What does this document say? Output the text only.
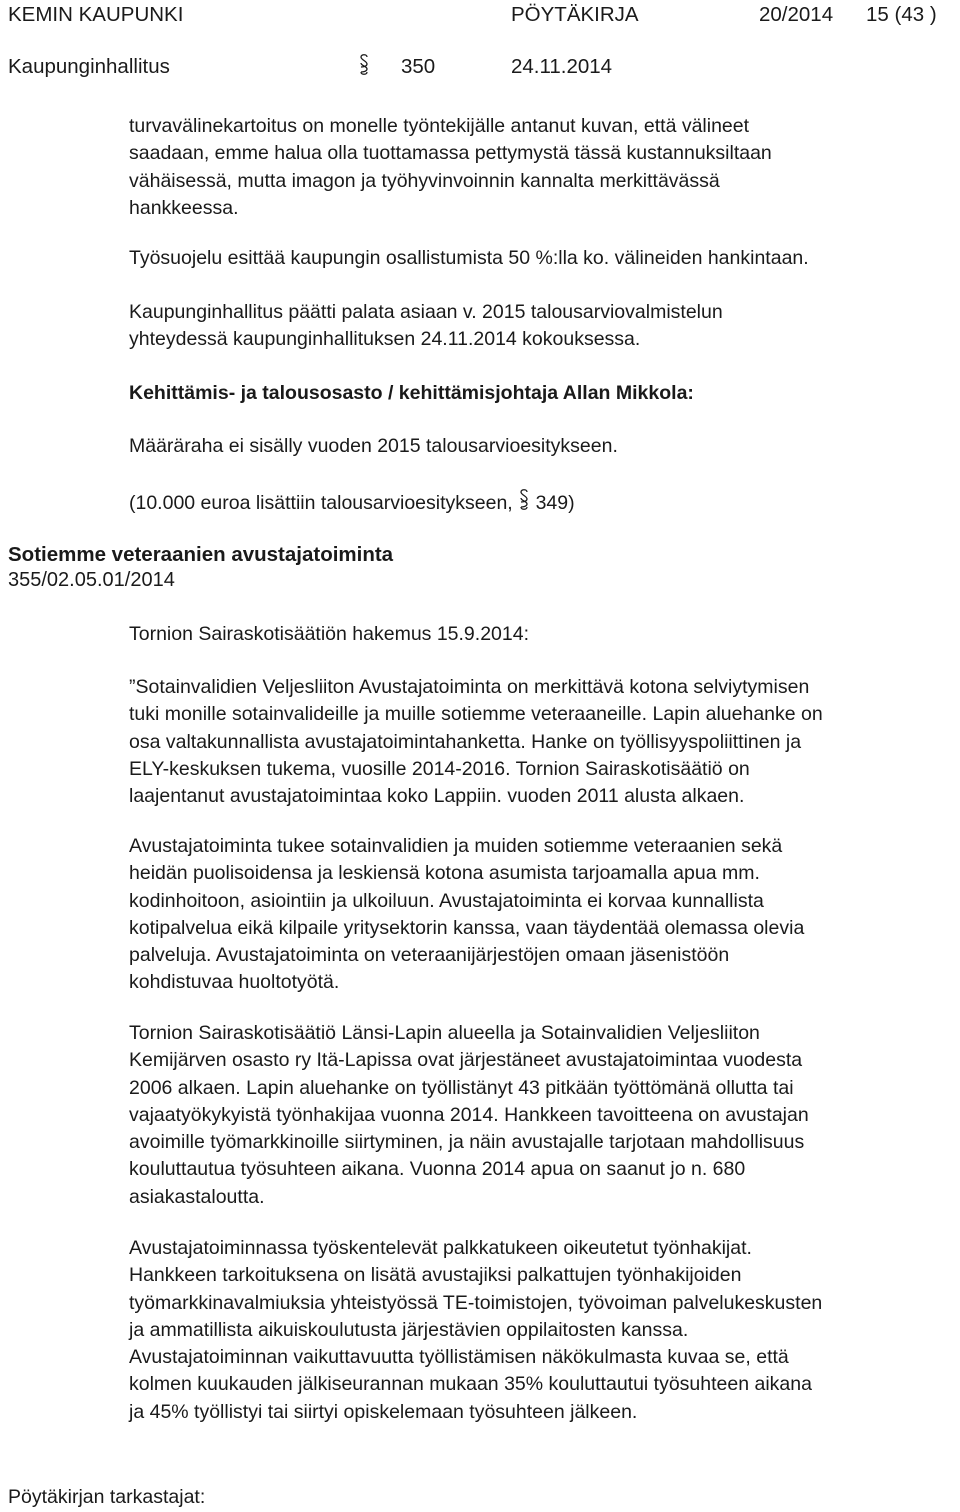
KEMIN KAUPUNKI	PÖYTÄKIRJA	20/2014 15 (43 )
Kaupunginhallitus	350	24.11.2014

turvavälinekartoitus on monelle työntekijälle antanut kuvan, että välineet

saadaan, emme halua olla tuottamassa pettymystä tässä kustannuksiltaan

vähäisessä, mutta imagon ja työhyvinvoinnin kannalta merkittävässä

hankkeessa.

Työsuojelu esittää kaupungin osallistumista 50 %:lla ko. välineiden hankintaan.

Kaupunginhallitus päätti palata asiaan v. 2015 talousarviovalmistelun

yhteydessä kaupunginhallituksen 24.11.2014 kokouksessa.

Kehittämis- ja talousosasto / kehittämisjohtaja Allan Mikkola:

Määräraha ei sisälly vuoden 2015 talousarvioesitykseen.

(10.000 euroa lisättiin talousarvioesitykseen, 349)

Sotiemme veteraanien avustajatoiminta
355/02.05.01/2014

Tornion Sairaskotisäätiön hakemus 15.9.2014:

”Sotainvalidien Veljesliiton Avustajatoiminta on merkittävä kotona selviytymisen

tuki monille sotainvalideille ja muille sotiemme veteraaneille. Lapin aluehanke on

osa valtakunnallista avustajatoimintahanketta. Hanke on työllisyyspoliittinen ja

ELY-keskuksen tukema, vuosille 2014-2016. Tornion Sairaskotisäätiö on

laajentanut avustajatoimintaa koko Lappiin. vuoden 2011 alusta alkaen.

Avustajatoiminta tukee sotainvalidien ja muiden sotiemme veteraanien sekä

heidän puolisoidensa ja leskiensä kotona asumista tarjoamalla apua mm.

kodinhoitoon, asiointiin ja ulkoiluun. Avustajatoiminta ei korvaa kunnallista

kotipalvelua eikä kilpaile yritysektorin kanssa, vaan täydentää olemassa olevia

palveluja. Avustajatoiminta on veteraanijärjestöjen omaan jäsenistöön

kohdistuvaa huoltotyötä.

Tornion Sairaskotisäätiö Länsi-Lapin alueella ja Sotainvalidien Veljesliiton

Kemijärven osasto ry Itä-Lapissa ovat järjestäneet avustajatoimintaa vuodesta

2006 alkaen. Lapin aluehanke on työllistänyt 43 pitkään työttömänä ollutta tai

vajaatyökykyistä työnhakijaa vuonna 2014. Hankkeen tavoitteena on avustajan

avoimille työmarkkinoille siirtyminen, ja näin avustajalle tarjotaan mahdollisuus

kouluttautua työsuhteen aikana. Vuonna 2014 apua on saanut jo n. 680

asiakastaloutta.

Avustajatoiminnassa työskentelevät palkkatukeen oikeutetut työnhakijat.

Hankkeen tarkoituksena on lisätä avustajiksi palkattujen työnhakijoiden

työmarkkinavalmiuksia yhteistyössä TE-toimistojen, työvoiman palvelukeskusten

ja ammatillista aikuiskoulutusta järjestävien oppilaitosten kanssa.

Avustajatoiminnan vaikuttavuutta työllistämisen näkökulmasta kuvaa se, että

kolmen kuukauden jälkiseurannan mukaan 35% kouluttautui työsuhteen aikana

ja 45% työllistyi tai siirtyi opiskelemaan työsuhteen jälkeen.

Pöytäkirjan tarkastajat:
